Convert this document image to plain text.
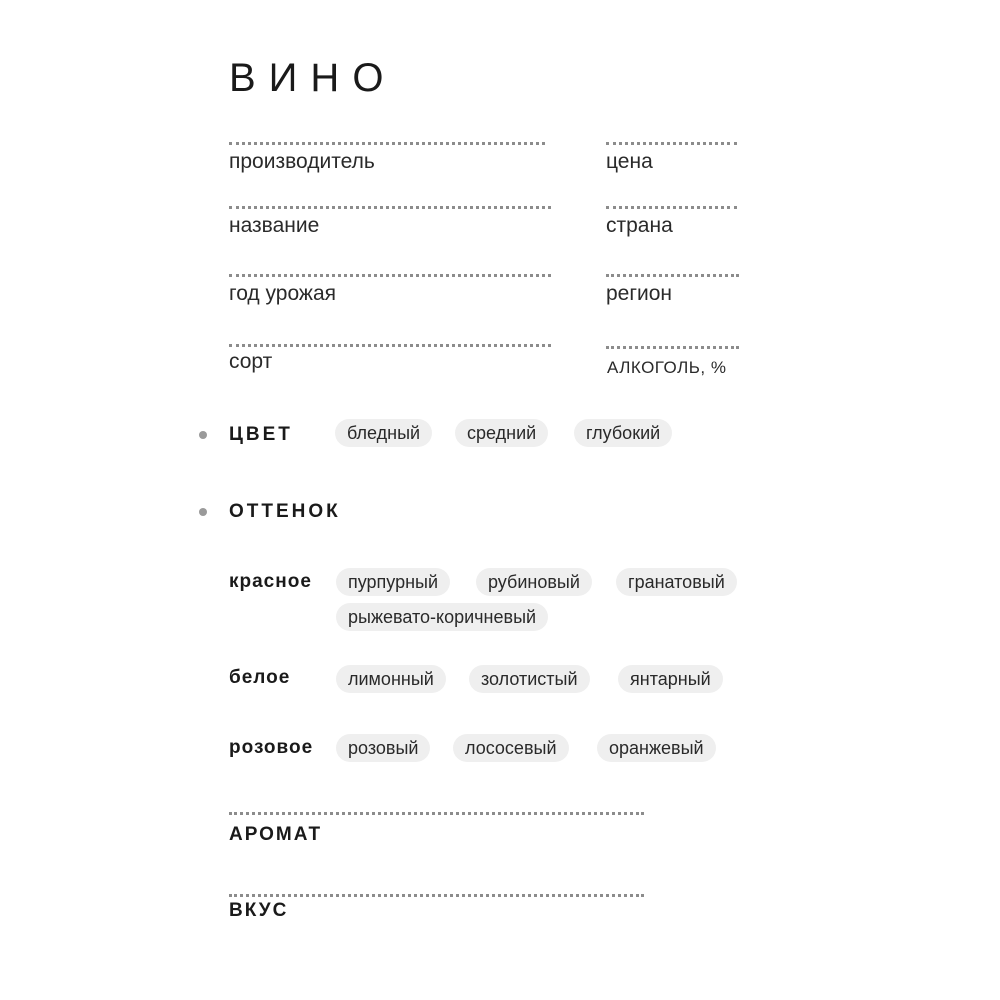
ВИНО
производитель	цена
название	страна
год урожая	регион
сорт	АЛКОГОЛЬ, %
ЦВЕТ	бледный	средний	глубокий
ОТТЕНОК
красное	пурпурный	рубиновый	гранатовый
рыжевато-коричневый
белое	лимонный	золотистый	янтарный
розовое	розовый	лососевый	оранжевый
АРОМАТ
ВКУС
